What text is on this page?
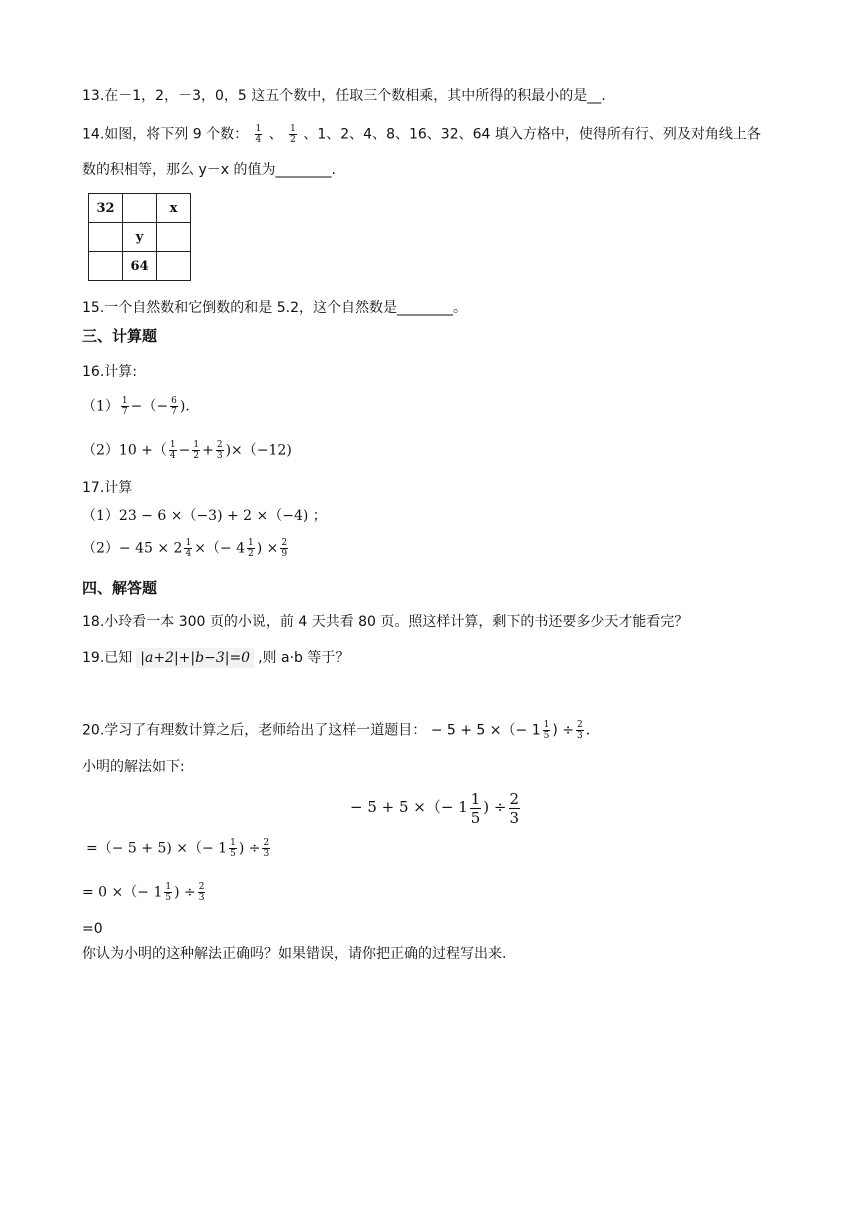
13.在－1，2，－3，0，5 这五个数中，任取三个数相乘，其中所得的积最小的是__.
14.如图，将下列 9 个数： $\frac{1}{4}$ 、 $\frac{1}{2}$ 、1、2、4、8、16、32、64 填入方格中，使得所有行、列及对角线上各
数的积相等，那么 y－x 的值为________.
32		x
	y	
	64	
15.一个自然数和它倒数的和是 5.2，这个自然数是________。
三、计算题
16.计算:
$(1) \frac{1}{7}$ −（− $\frac{6}{7}$ )．
（2）10 +（ $\frac{1}{4} - \frac{1}{2} + \frac{2}{3} )\times(-12)$
17.计算
（1）23 − 6 ×（−3) + 2 ×（−4) ；
$(2)- 45 \times 2 \frac{1}{4}$ ×（− $4 \frac{1}{2}$ ) × $\frac{2}{9}$
四、解答题
18.小玲看一本 300 页的小说，前 4 天共看 80 页。照这样计算，剩下的书还要多少天才能看完？
19.已知 |a+2|+|b−3|=0 ,则 a·b 等于？
20.学习了有理数计算之后，老师给出了这样一道题目： − 5 + 5 ×（− $1 \frac{1}{5}$ ) ÷ $\frac{2}{3}$ ．
小明的解法如下:
− 5 + 5 ×（− $1 \frac{1}{5}$ ) ÷ $\frac{2}{3}$
=（− 5 + 5) ×（− $1 \frac{1}{5}$ ) ÷ $\frac{2}{3}$
= 0 ×（− $1 \frac{1}{5}$ ) ÷ $\frac{2}{3}$
=0
你认为小明的这种解法正确吗？如果错误，请你把正确的过程写出来.
